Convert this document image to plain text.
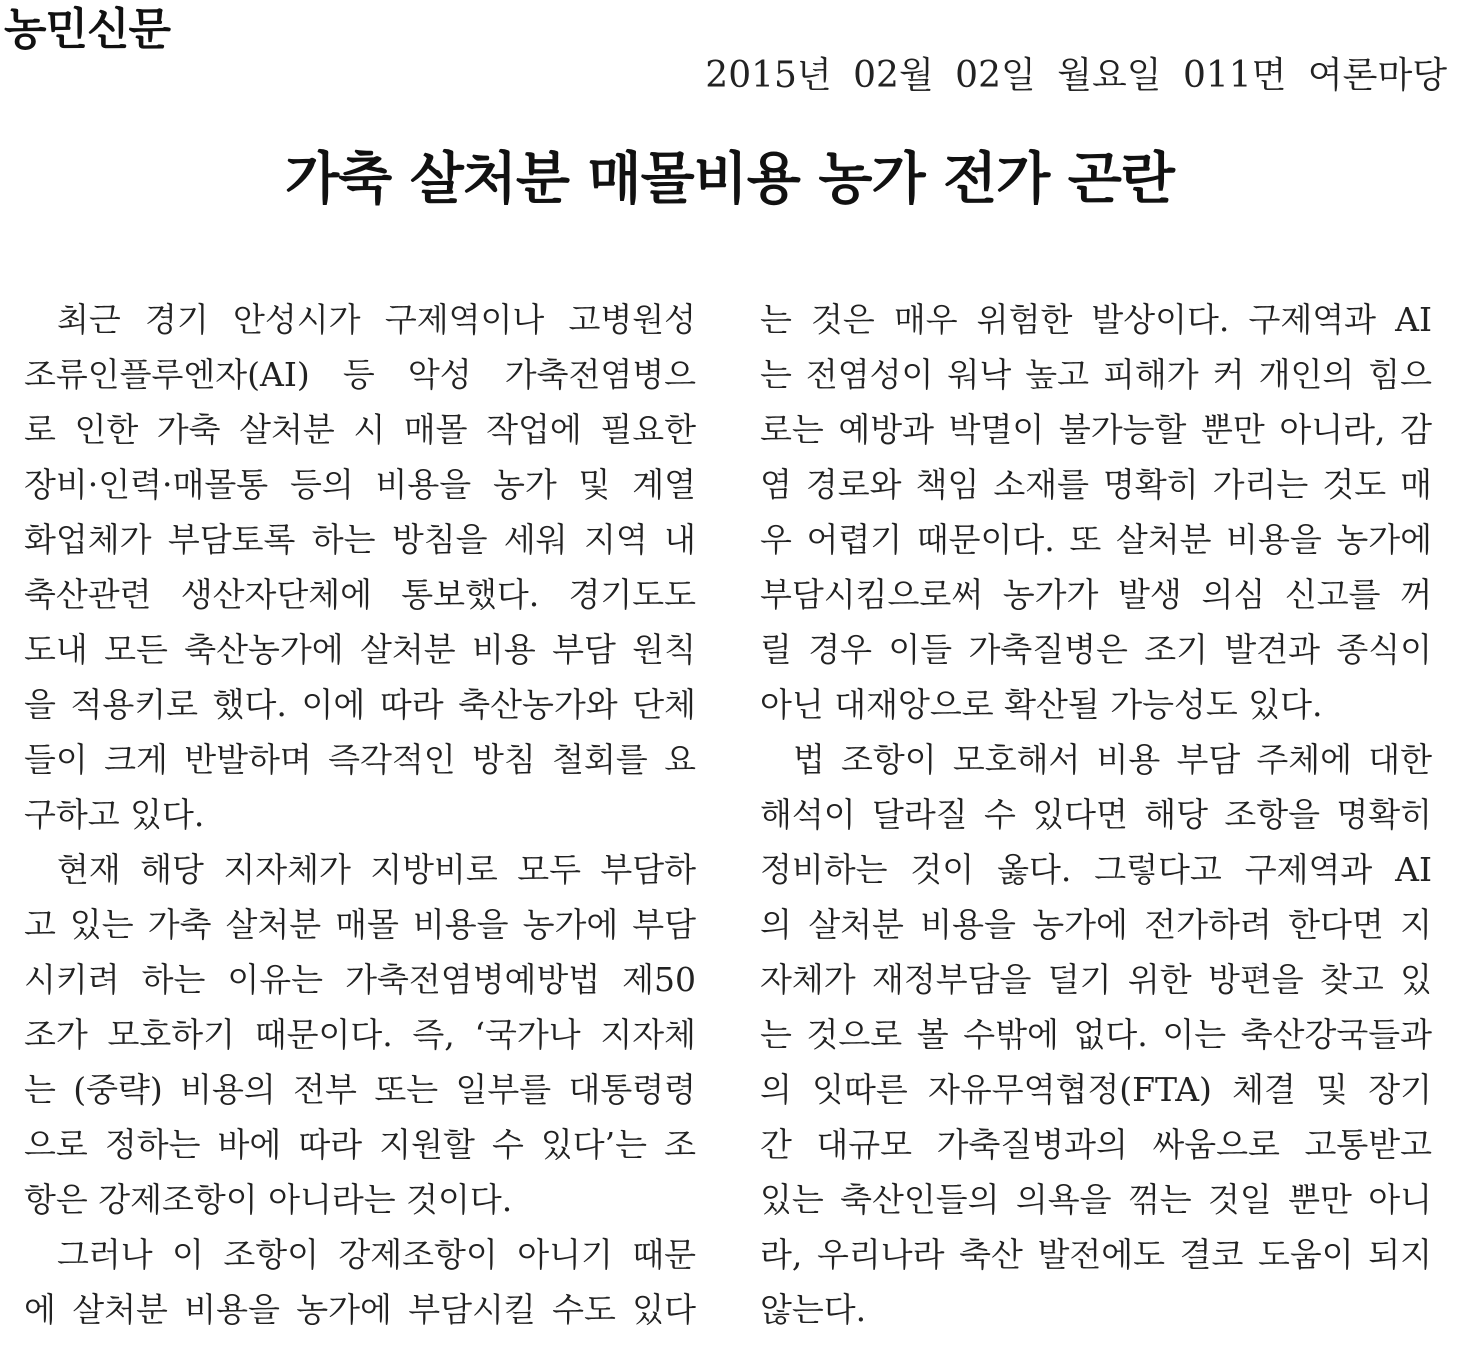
농민신문
2015년 02월 02일 월요일 011면 여론마당
가축 살처분 매몰비용 농가 전가 곤란
최근 경기 안성시가 구제역이나 고병원성
조류인플루엔자(AI) 등 악성 가축전염병으
로 인한 가축 살처분 시 매몰 작업에 필요한
장비·인력·매몰통 등의 비용을 농가 및 계열
화업체가 부담토록 하는 방침을 세워 지역 내
축산관련 생산자단체에 통보했다. 경기도도
도내 모든 축산농가에 살처분 비용 부담 원칙
을 적용키로 했다. 이에 따라 축산농가와 단체
들이 크게 반발하며 즉각적인 방침 철회를 요
구하고 있다.
현재 해당 지자체가 지방비로 모두 부담하
고 있는 가축 살처분 매몰 비용을 농가에 부담
시키려 하는 이유는 가축전염병예방법 제50
조가 모호하기 때문이다. 즉, ‘국가나 지자체
는 (중략) 비용의 전부 또는 일부를 대통령령
으로 정하는 바에 따라 지원할 수 있다’는 조
항은 강제조항이 아니라는 것이다.
그러나 이 조항이 강제조항이 아니기 때문
에 살처분 비용을 농가에 부담시킬 수도 있다
는 것은 매우 위험한 발상이다. 구제역과 AI
는 전염성이 워낙 높고 피해가 커 개인의 힘으
로는 예방과 박멸이 불가능할 뿐만 아니라, 감
염 경로와 책임 소재를 명확히 가리는 것도 매
우 어렵기 때문이다. 또 살처분 비용을 농가에
부담시킴으로써 농가가 발생 의심 신고를 꺼
릴 경우 이들 가축질병은 조기 발견과 종식이
아닌 대재앙으로 확산될 가능성도 있다.
법 조항이 모호해서 비용 부담 주체에 대한
해석이 달라질 수 있다면 해당 조항을 명확히
정비하는 것이 옳다. 그렇다고 구제역과 AI
의 살처분 비용을 농가에 전가하려 한다면 지
자체가 재정부담을 덜기 위한 방편을 찾고 있
는 것으로 볼 수밖에 없다. 이는 축산강국들과
의 잇따른 자유무역협정(FTA) 체결 및 장기
간 대규모 가축질병과의 싸움으로 고통받고
있는 축산인들의 의욕을 꺾는 것일 뿐만 아니
라, 우리나라 축산 발전에도 결코 도움이 되지
않는다.
